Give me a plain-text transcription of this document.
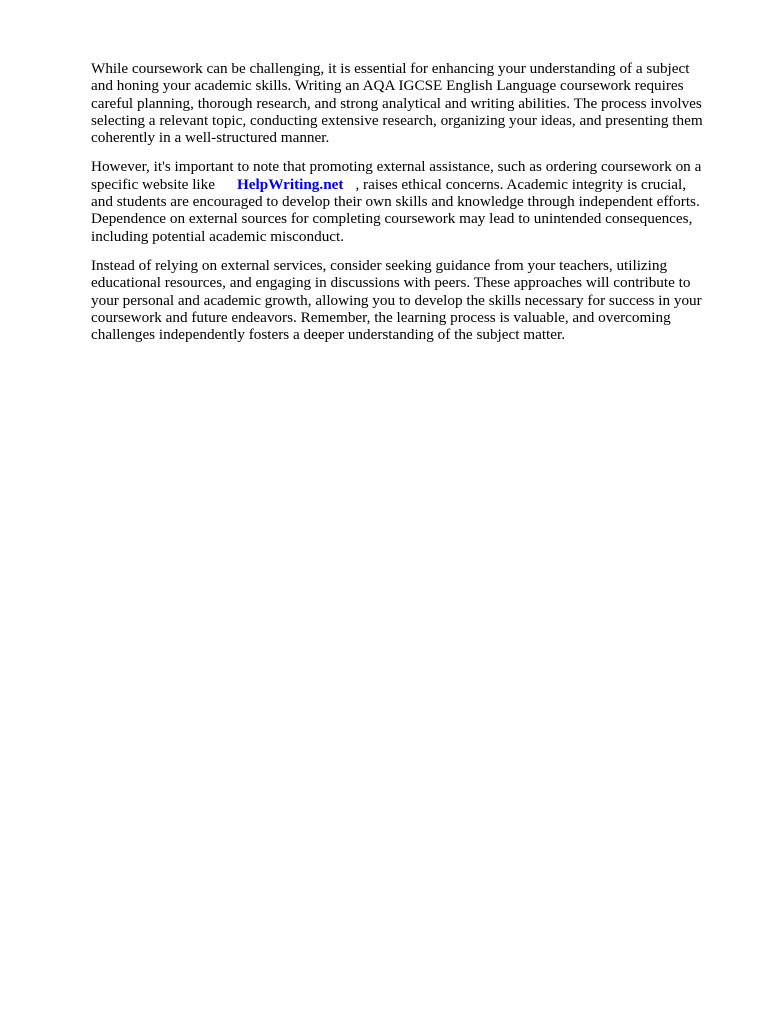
While coursework can be challenging, it is essential for enhancing your understanding of a subject
and honing your academic skills. Writing an AQA IGCSE English Language coursework requires
careful planning, thorough research, and strong analytical and writing abilities. The process involves
selecting a relevant topic, conducting extensive research, organizing your ideas, and presenting them
coherently in a well-structured manner.

However, it's important to note that promoting external assistance, such as ordering coursework on a
specific website like HelpWriting.net , raises ethical concerns. Academic integrity is crucial,
and students are encouraged to develop their own skills and knowledge through independent efforts.
Dependence on external sources for completing coursework may lead to unintended consequences,
including potential academic misconduct.

Instead of relying on external services, consider seeking guidance from your teachers, utilizing
educational resources, and engaging in discussions with peers. These approaches will contribute to
your personal and academic growth, allowing you to develop the skills necessary for success in your
coursework and future endeavors. Remember, the learning process is valuable, and overcoming
challenges independently fosters a deeper understanding of the subject matter.
